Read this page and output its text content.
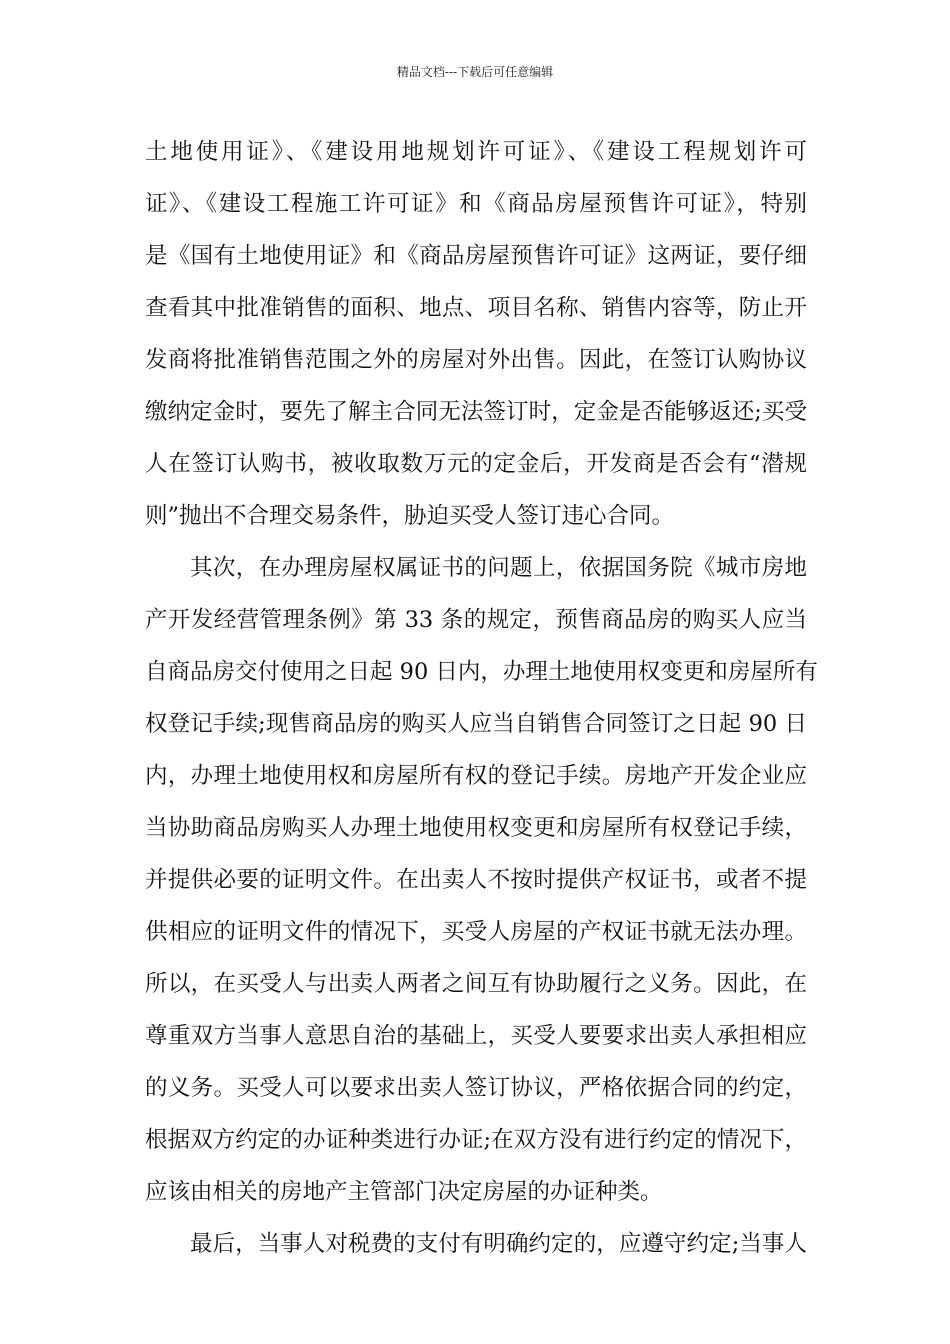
精品文档---下载后可任意编辑
土地使用证》、《建设用地规划许可证》、《建设工程规划许可
证》、《建设工程施工许可证》和《商品房屋预售许可证》，特别
是《国有土地使用证》和《商品房屋预售许可证》这两证，要仔细
查看其中批准销售的面积、地点、项目名称、销售内容等，防止开
发商将批准销售范围之外的房屋对外出售。因此，在签订认购协议
缴纳定金时，要先了解主合同无法签订时，定金是否能够返还;买受
人在签订认购书，被收取数万元的定金后，开发商是否会有“潜规
则”抛出不合理交易条件，胁迫买受人签订违心合同。
其次，在办理房屋权属证书的问题上，依据国务院《城市房地
产开发经营管理条例》第 33 条的规定，预售商品房的购买人应当
自商品房交付使用之日起 90 日内，办理土地使用权变更和房屋所有
权登记手续;现售商品房的购买人应当自销售合同签订之日起 90 日
内，办理土地使用权和房屋所有权的登记手续。房地产开发企业应
当协助商品房购买人办理土地使用权变更和房屋所有权登记手续，
并提供必要的证明文件。在出卖人不按时提供产权证书，或者不提
供相应的证明文件的情况下，买受人房屋的产权证书就无法办理。
所以，在买受人与出卖人两者之间互有协助履行之义务。因此，在
尊重双方当事人意思自治的基础上，买受人要要求出卖人承担相应
的义务。买受人可以要求出卖人签订协议，严格依据合同的约定，
根据双方约定的办证种类进行办证;在双方没有进行约定的情况下，
应该由相关的房地产主管部门决定房屋的办证种类。
最后，当事人对税费的支付有明确约定的，应遵守约定;当事人
